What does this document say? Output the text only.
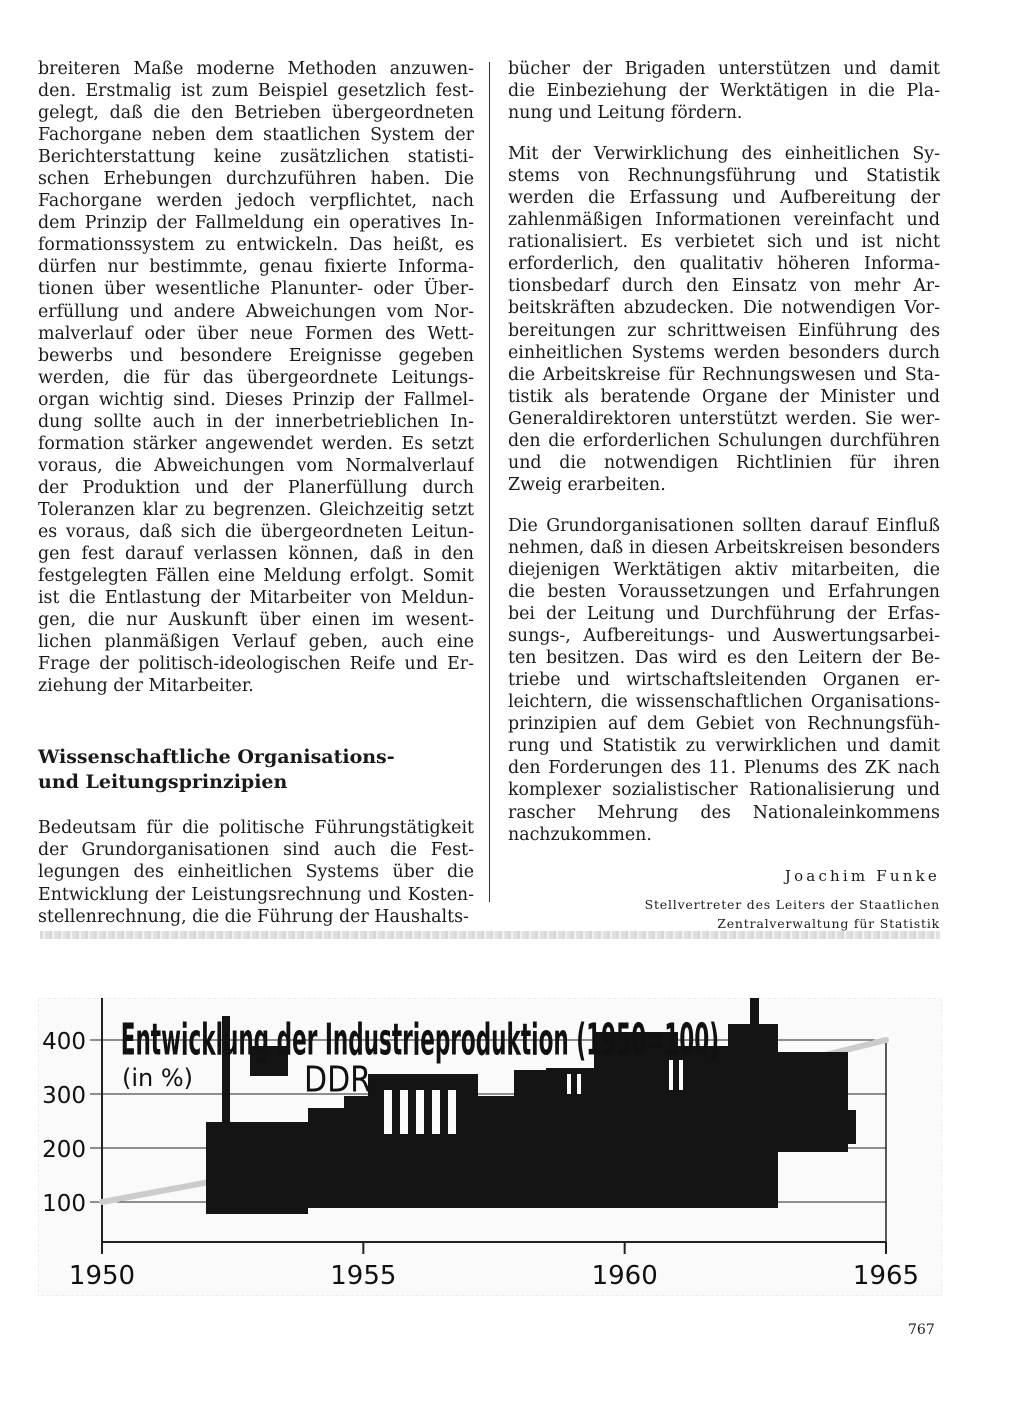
breiteren Maße moderne Methoden anzuwen-
den. Erstmalig ist zum Beispiel gesetzlich fest-
gelegt, daß die den Betrieben übergeordneten
Fachorgane neben dem staatlichen System der
Berichterstattung keine zusätzlichen statisti-
schen Erhebungen durchzuführen haben. Die
Fachorgane werden jedoch verpflichtet, nach
dem Prinzip der Fallmeldung ein operatives In-
formationssystem zu entwickeln. Das heißt, es
dürfen nur bestimmte, genau fixierte Informa-
tionen über wesentliche Planunter- oder Über-
erfüllung und andere Abweichungen vom Nor-
malverlauf oder über neue Formen des Wett-
bewerbs und besondere Ereignisse gegeben
werden, die für das übergeordnete Leitungs-
organ wichtig sind. Dieses Prinzip der Fallmel-
dung sollte auch in der innerbetrieblichen In-
formation stärker angewendet werden. Es setzt
voraus, die Abweichungen vom Normalverlauf
der Produktion und der Planerfüllung durch
Toleranzen klar zu begrenzen. Gleichzeitig setzt
es voraus, daß sich die übergeordneten Leitun-
gen fest darauf verlassen können, daß in den
festgelegten Fällen eine Meldung erfolgt. Somit
ist die Entlastung der Mitarbeiter von Meldun-
gen, die nur Auskunft über einen im wesent-
lichen planmäßigen Verlauf geben, auch eine
Frage der politisch-ideologischen Reife und Er-
ziehung der Mitarbeiter.

Wissenschaftliche Organisations-
und Leitungsprinzipien

Bedeutsam für die politische Führungstätigkeit
der Grundorganisationen sind auch die Fest-
legungen des einheitlichen Systems über die
Entwicklung der Leistungsrechnung und Kosten-
stellenrechnung, die die Führung der Haushalts-

bücher der Brigaden unterstützen und damit
die Einbeziehung der Werktätigen in die Pla-
nung und Leitung fördern.

Mit der Verwirklichung des einheitlichen Sy-
stems von Rechnungsführung und Statistik
werden die Erfassung und Aufbereitung der
zahlenmäßigen Informationen vereinfacht und
rationalisiert. Es verbietet sich und ist nicht
erforderlich, den qualitativ höheren Informa-
tionsbedarf durch den Einsatz von mehr Ar-
beitskräften abzudecken. Die notwendigen Vor-
bereitungen zur schrittweisen Einführung des
einheitlichen Systems werden besonders durch
die Arbeitskreise für Rechnungswesen und Sta-
tistik als beratende Organe der Minister und
Generaldirektoren unterstützt werden. Sie wer-
den die erforderlichen Schulungen durchführen
und die notwendigen Richtlinien für ihren
Zweig erarbeiten.

Die Grundorganisationen sollten darauf Einfluß
nehmen, daß in diesen Arbeitskreisen besonders
diejenigen Werktätigen aktiv mitarbeiten, die
die besten Voraussetzungen und Erfahrungen
bei der Leitung und Durchführung der Erfas-
sungs-, Aufbereitungs- und Auswertungsarbei-
ten besitzen. Das wird es den Leitern der Be-
triebe und wirtschaftsleitenden Organen er-
leichtern, die wissenschaftlichen Organisations-
prinzipien auf dem Gebiet von Rechnungsfüh-
rung und Statistik zu verwirklichen und damit
den Forderungen des 11. Plenums des ZK nach
komplexer sozialistischer Rationalisierung und
rascher Mehrung des Nationaleinkommens
nachzukommen.

Joachim Funke
Stellvertreter des Leiters der Staatlichen
Zentralverwaltung für Statistik
Entwicklung der Industrieproduktion (1950=100)
(in %)	DDR
100
200
300
400
1950	1955	1960	1965
767
